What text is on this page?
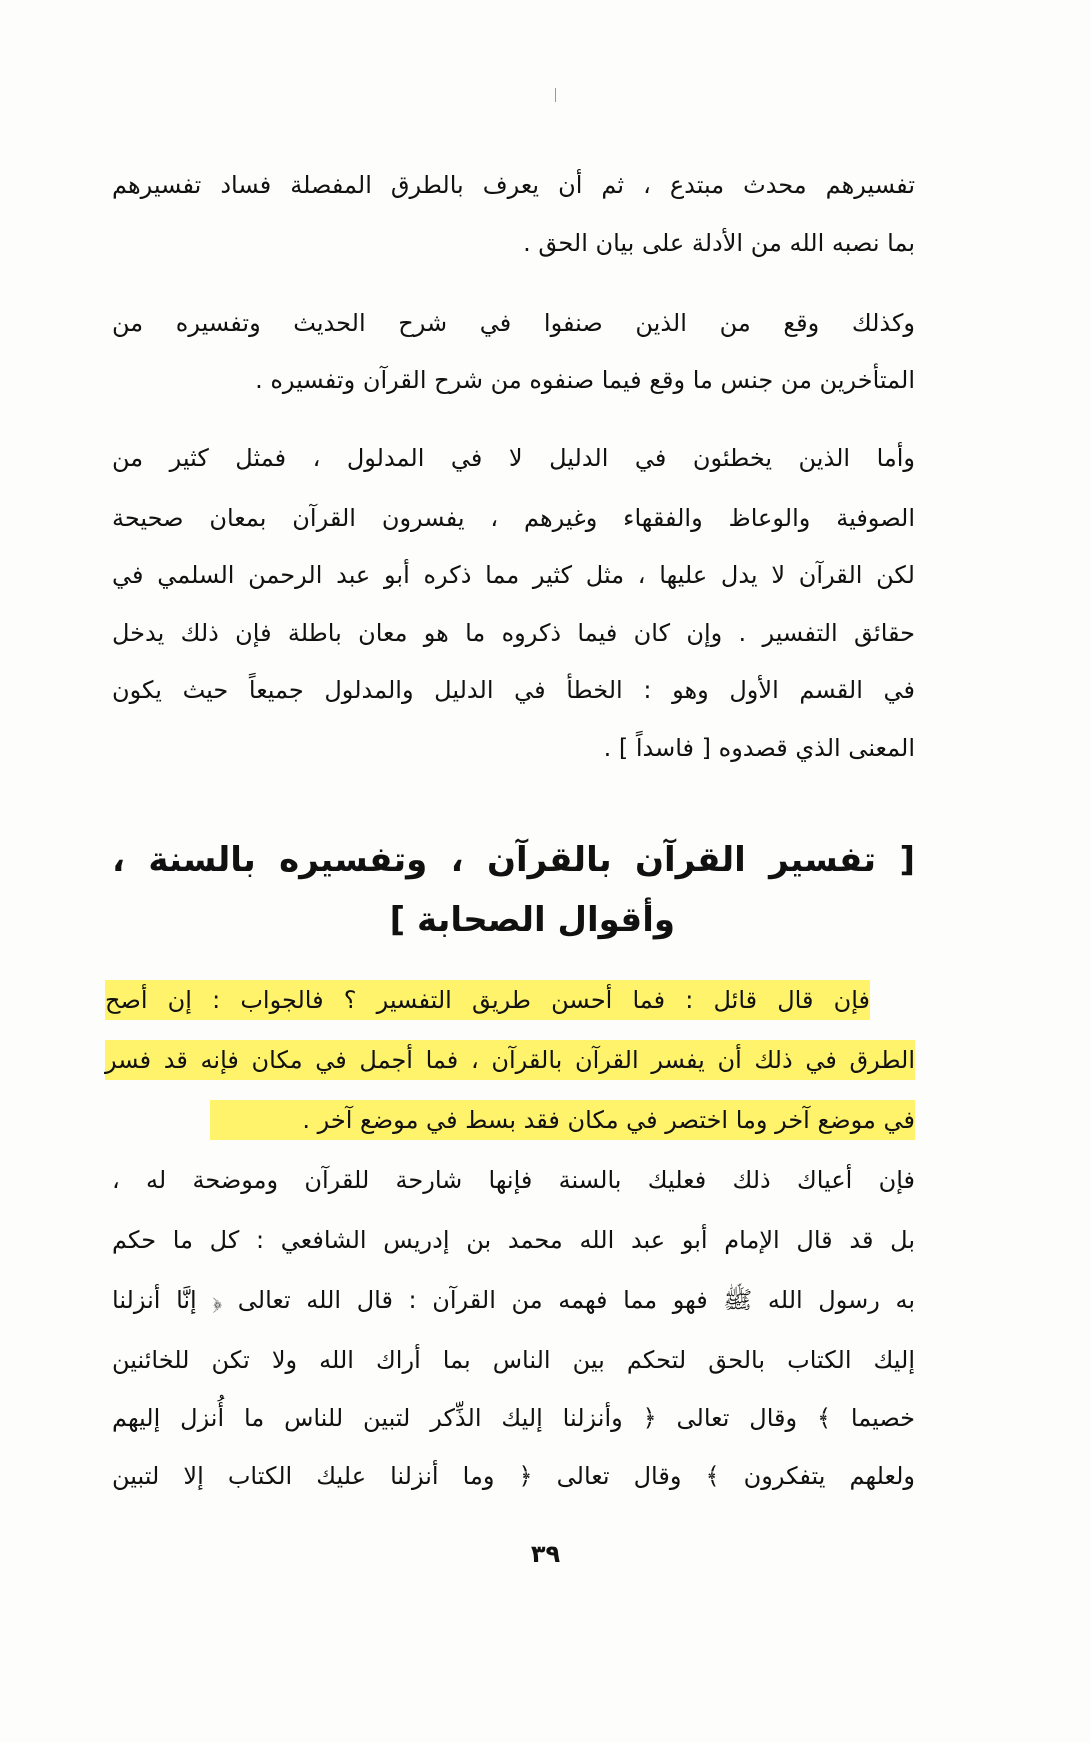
تفسيرهم محدث مبتدع ، ثم أن يعرف بالطرق المفصلة فساد تفسيرهم
بما نصبه الله من الأدلة على بيان الحق .
وكذلك وقع من الذين صنفوا في شرح الحديث وتفسيره من
المتأخرين من جنس ما وقع فيما صنفوه من شرح القرآن وتفسيره .
وأما الذين يخطئون في الدليل لا في المدلول ، فمثل كثير من
الصوفية والوعاظ والفقهاء وغيرهم ، يفسرون القرآن بمعان صحيحة
لكن القرآن لا يدل عليها ، مثل كثير مما ذكره أبو عبد الرحمن السلمي في
حقائق التفسير . وإن كان فيما ذكروه ما هو معان باطلة فإن ذلك يدخل
في القسم الأول وهو : الخطأ في الدليل والمدلول جميعاً حيث يكون
المعنى الذي قصدوه [ فاسداً ] .
[ تفسير القرآن بالقرآن ، وتفسيره بالسنة ،
وأقوال الصحابة ]
فإن قال قائل : فما أحسن طريق التفسير ؟ فالجواب : إن أصح
الطرق في ذلك أن يفسر القرآن بالقرآن ، فما أجمل في مكان فإنه قد فسر
في موضع آخر وما اختصر في مكان فقد بسط في موضع آخر .
فإن أعياك ذلك فعليك بالسنة فإنها شارحة للقرآن وموضحة له ،
بل قد قال الإمام أبو عبد الله محمد بن إدريس الشافعي : كل ما حكم
به رسول الله ﷺ فهو مما فهمه من القرآن : قال الله تعالى ﴿ إنَّا أنزلنا
إليك الكتاب بالحق لتحكم بين الناس بما أراك الله ولا تكن للخائنين
خصيما ﴾ وقال تعالى ﴿ وأنزلنا إليك الذِّكر لتبين للناس ما أُنزل إليهم
ولعلهم يتفكرون ﴾ وقال تعالى ﴿ وما أنزلنا عليك الكتاب إلا لتبين
٣٩
